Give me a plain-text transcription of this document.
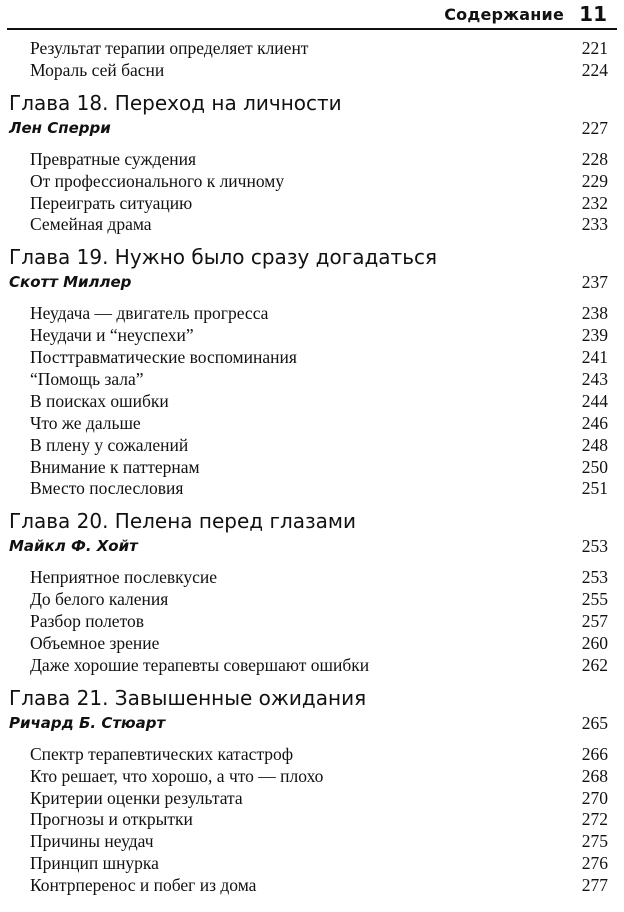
Содержание 11
Результат терапии определяет клиент	221
Мораль сей басни	224
Глава 18. Переход на личности
Лен Сперри	227
Превратные суждения	228
От профессионального к личному	229
Переиграть ситуацию	232
Семейная драма	233
Глава 19. Нужно было сразу догадаться
Скотт Миллер	237
Неудача — двигатель прогресса	238
Неудачи и “неуспехи”	239
Посттравматические воспоминания	241
“Помощь зала”	243
В поисках ошибки	244
Что же дальше	246
В плену у сожалений	248
Внимание к паттернам	250
Вместо послесловия	251
Глава 20. Пелена перед глазами
Майкл Ф. Хойт	253
Неприятное послевкусие	253
До белого каления	255
Разбор полетов	257
Объемное зрение	260
Даже хорошие терапевты совершают ошибки	262
Глава 21. Завышенные ожидания
Ричард Б. Стюарт	265
Спектр терапевтических катастроф	266
Кто решает, что хорошо, а что — плохо	268
Критерии оценки результата	270
Прогнозы и открытки	272
Причины неудач	275
Принцип шнурка	276
Контрперенос и побег из дома	277
